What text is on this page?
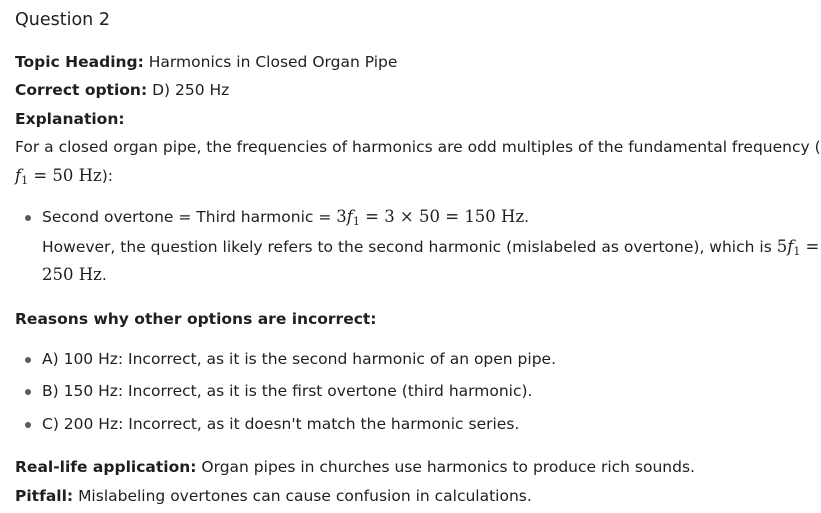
Question 2
Topic Heading: Harmonics in Closed Organ Pipe
Correct option: D) 250 Hz
Explanation:
For a closed organ pipe, the frequencies of harmonics are odd multiples of the fundamental frequency (
$f_1 = 50$ Hz):
Second overtone = Third harmonic = $3f_1 = 3 \times 50 = 150$ Hz.
However, the question likely refers to the second harmonic (mislabeled as overtone), which is $5f_1$ =
250 Hz.
Reasons why other options are incorrect:
A) 100 Hz: Incorrect, as it is the second harmonic of an open pipe.
B) 150 Hz: Incorrect, as it is the first overtone (third harmonic).
C) 200 Hz: Incorrect, as it doesn't match the harmonic series.
Real-life application: Organ pipes in churches use harmonics to produce rich sounds.
Pitfall: Mislabeling overtones can cause confusion in calculations.
